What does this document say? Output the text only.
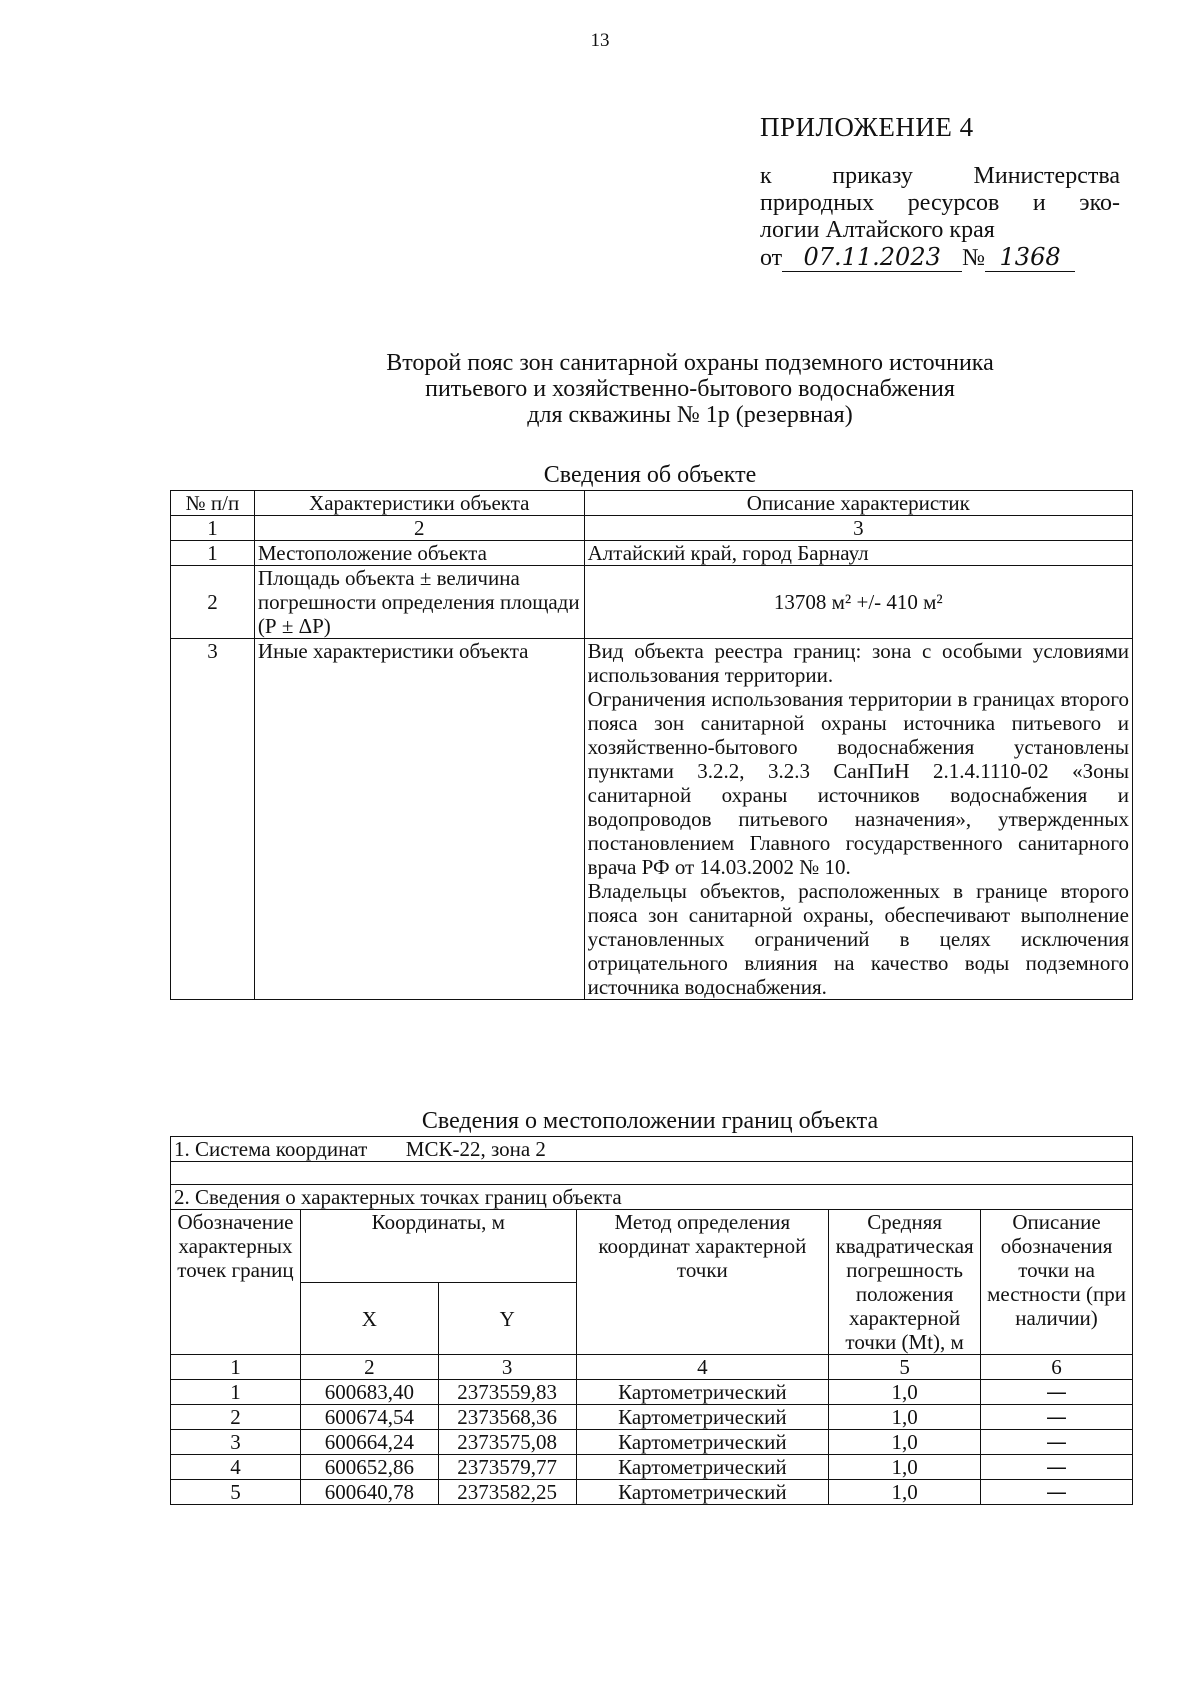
13
ПРИЛОЖЕНИЕ 4
к приказу Министерства
природных ресурсов и эко-
логии Алтайского края
от 07.11.2023 № 1368
Второй пояс зон санитарной охраны подземного источника
питьевого и хозяйственно-бытового водоснабжения
для скважины № 1р (резервная)
Сведения об объекте
№ п/п	Характеристики объекта	Описание характеристик
1	2	3
1	Местоположение объекта	Алтайский край, город Барнаул
2	Площадь объекта ± величина погрешности определения площади (Р ± ΔР)	13708 м² +/- 410 м²
3	Иные характеристики объекта	Вид объекта реестра границ: зона с особыми условиями использования территории.
Ограничения использования территории в границах второго пояса зон санитарной охраны источника питьевого и хозяйственно-бытового водоснабжения установлены пунктами 3.2.2, 3.2.3 СанПиН 2.1.4.1110-02 «Зоны санитарной охраны источников водоснабжения и водопроводов питьевого назначения», утвержденных постановлением Главного государственного санитарного врача РФ от 14.03.2002 № 10.
Владельцы объектов, расположенных в границе второго пояса зон санитарной охраны, обеспечивают выполнение установленных ограничений в целях исключения отрицательного влияния на качество воды подземного источника водоснабжения.
Сведения о местоположении границ объекта
1. Система координат МСК-22, зона 2					

2. Сведения о характерных точках границ объекта					
Обозначение характерных точек границ	Координаты, м		Метод определения координат характерной точки	Средняя квадратическая погрешность положения характерной точки (Mt), м	Описание обозначения точки на местности (при наличии)
	X	Y			
1	2	3	4	5	6
1	600683,40	2373559,83	Картометрический	1,0	—
2	600674,54	2373568,36	Картометрический	1,0	—
3	600664,24	2373575,08	Картометрический	1,0	—
4	600652,86	2373579,77	Картометрический	1,0	—
5	600640,78	2373582,25	Картометрический	1,0	—
